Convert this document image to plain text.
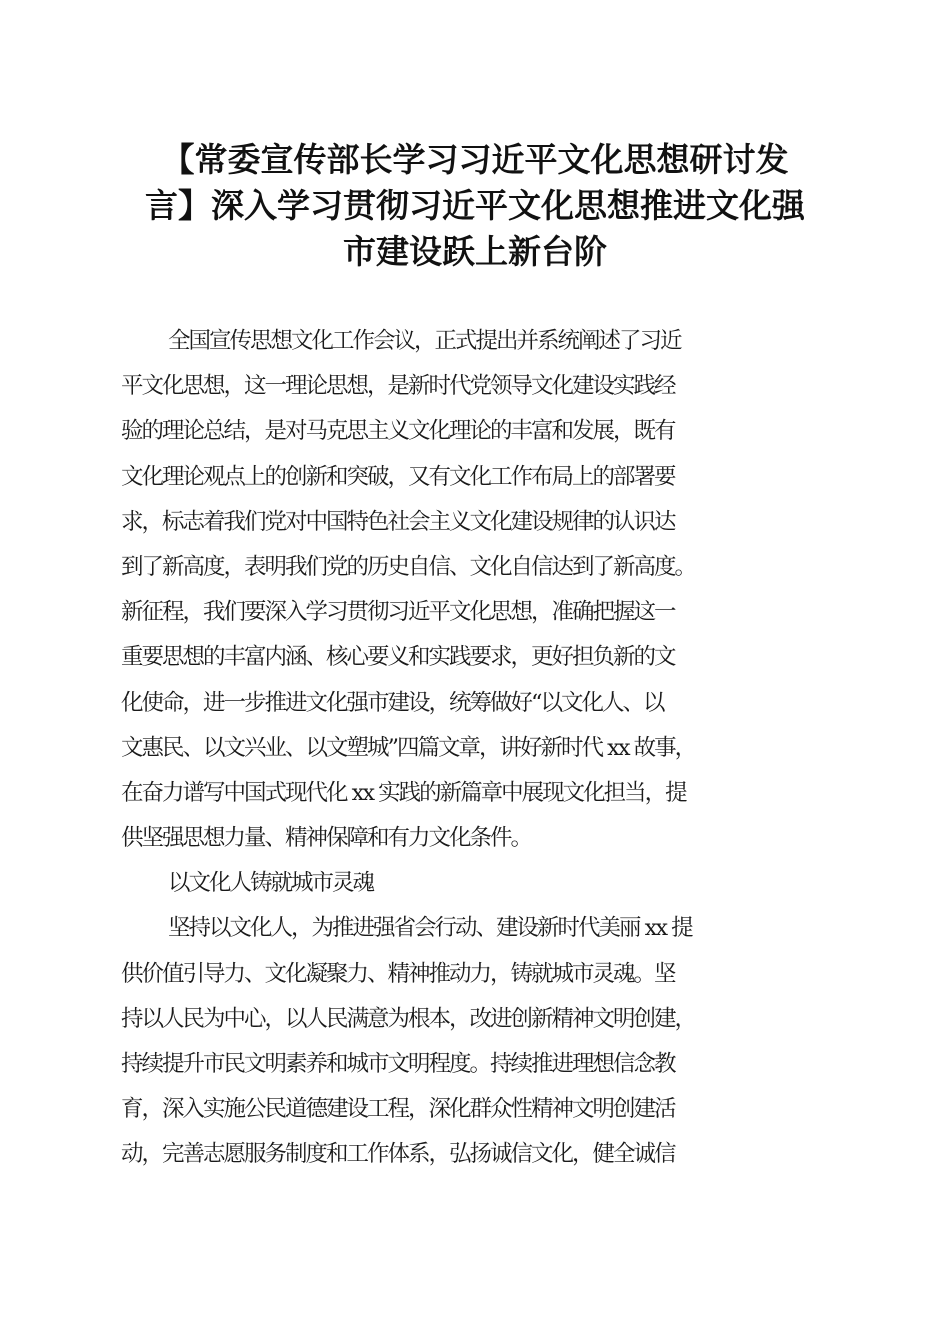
【常委宣传部长学习习近平文化思想研讨发
言】深入学习贯彻习近平文化思想推进文化强
市建设跃上新台阶
全国宣传思想文化工作会议，正式提出并系统阐述了习近
平文化思想，这一理论思想，是新时代党领导文化建设实践经
验的理论总结，是对马克思主义文化理论的丰富和发展，既有
文化理论观点上的创新和突破，又有文化工作布局上的部署要
求，标志着我们党对中国特色社会主义文化建设规律的认识达
到了新高度，表明我们党的历史自信、文化自信达到了新高度。
新征程，我们要深入学习贯彻习近平文化思想，准确把握这一
重要思想的丰富内涵、核心要义和实践要求，更好担负新的文
化使命，进一步推进文化强市建设，统筹做好“以文化人、以
文惠民、以文兴业、以文塑城”四篇文章，讲好新时代 xx 故事，
在奋力谱写中国式现代化 xx 实践的新篇章中展现文化担当，提
供坚强思想力量、精神保障和有力文化条件。
以文化人铸就城市灵魂
坚持以文化人，为推进强省会行动、建设新时代美丽 xx 提
供价值引导力、文化凝聚力、精神推动力，铸就城市灵魂。坚
持以人民为中心，以人民满意为根本，改进创新精神文明创建，
持续提升市民文明素养和城市文明程度。持续推进理想信念教
育，深入实施公民道德建设工程，深化群众性精神文明创建活
动，完善志愿服务制度和工作体系，弘扬诚信文化，健全诚信
